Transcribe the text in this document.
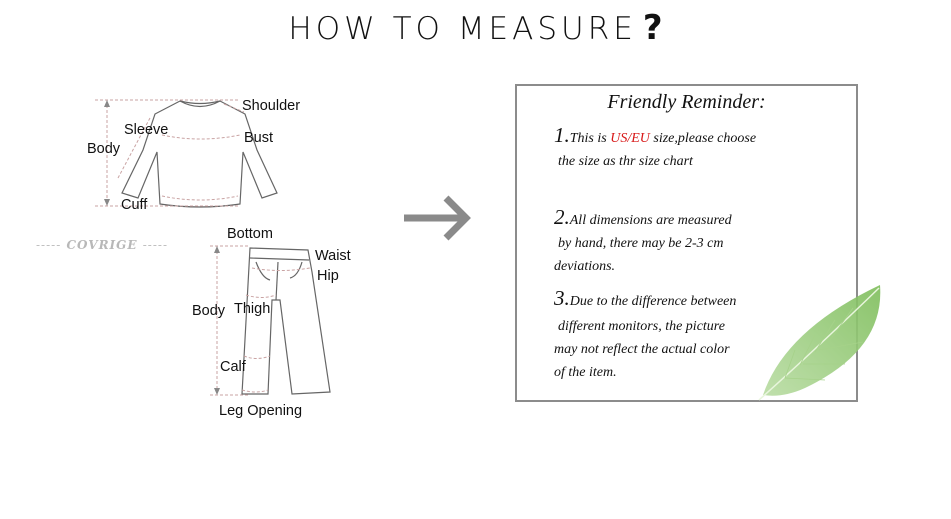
HOW TO MEASURE ?
Shoulder
Sleeve	Bust
Body
Cuff
----- COVRIGE -----
Bottom
Waist
Hip
Body Thigh
Calf
Leg Opening
Friendly Reminder:
1.This is US/EU size,please choose
the size as thr size chart
2.All dimensions are measured
by hand, there may be 2-3 cm
deviations.
3.Due to the difference between
different monitors, the picture
may not reflect the actual color
of the item.
